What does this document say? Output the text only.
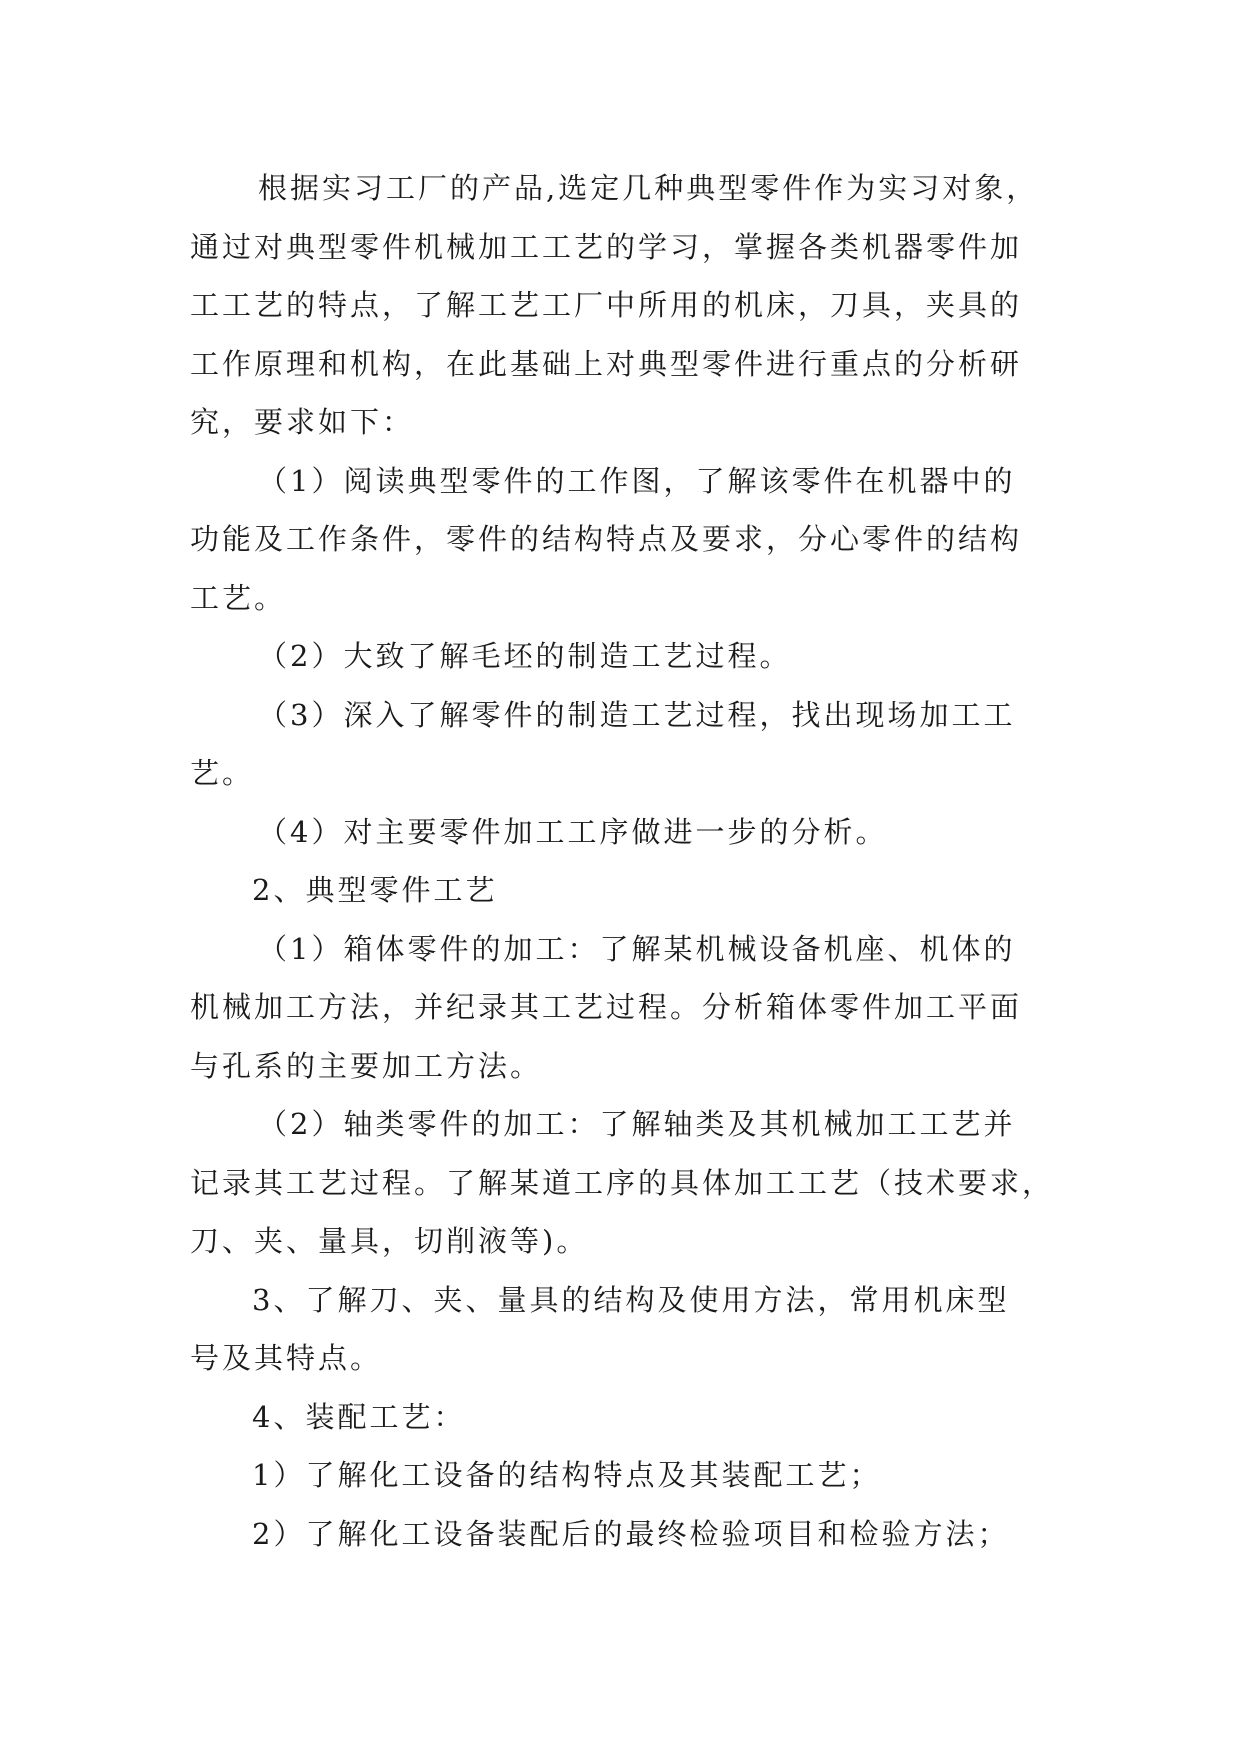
根据实习工厂的产品,选定几种典型零件作为实习对象，
通过对典型零件机械加工工艺的学习，掌握各类机器零件加
工工艺的特点，了解工艺工厂中所用的机床，刀具，夹具的
工作原理和机构，在此基础上对典型零件进行重点的分析研
究，要求如下：
（1）阅读典型零件的工作图，了解该零件在机器中的
功能及工作条件，零件的结构特点及要求，分心零件的结构
工艺。
（2）大致了解毛坯的制造工艺过程。
（3）深入了解零件的制造工艺过程，找出现场加工工
艺。
（4）对主要零件加工工序做进一步的分析。
2、典型零件工艺
（1）箱体零件的加工：了解某机械设备机座、机体的
机械加工方法，并纪录其工艺过程。分析箱体零件加工平面
与孔系的主要加工方法。
（2）轴类零件的加工：了解轴类及其机械加工工艺并
记录其工艺过程。了解某道工序的具体加工工艺（技术要求，
刀、夹、量具，切削液等)。
3、了解刀、夹、量具的结构及使用方法，常用机床型
号及其特点。
4、装配工艺：
1）了解化工设备的结构特点及其装配工艺；
2）了解化工设备装配后的最终检验项目和检验方法；
